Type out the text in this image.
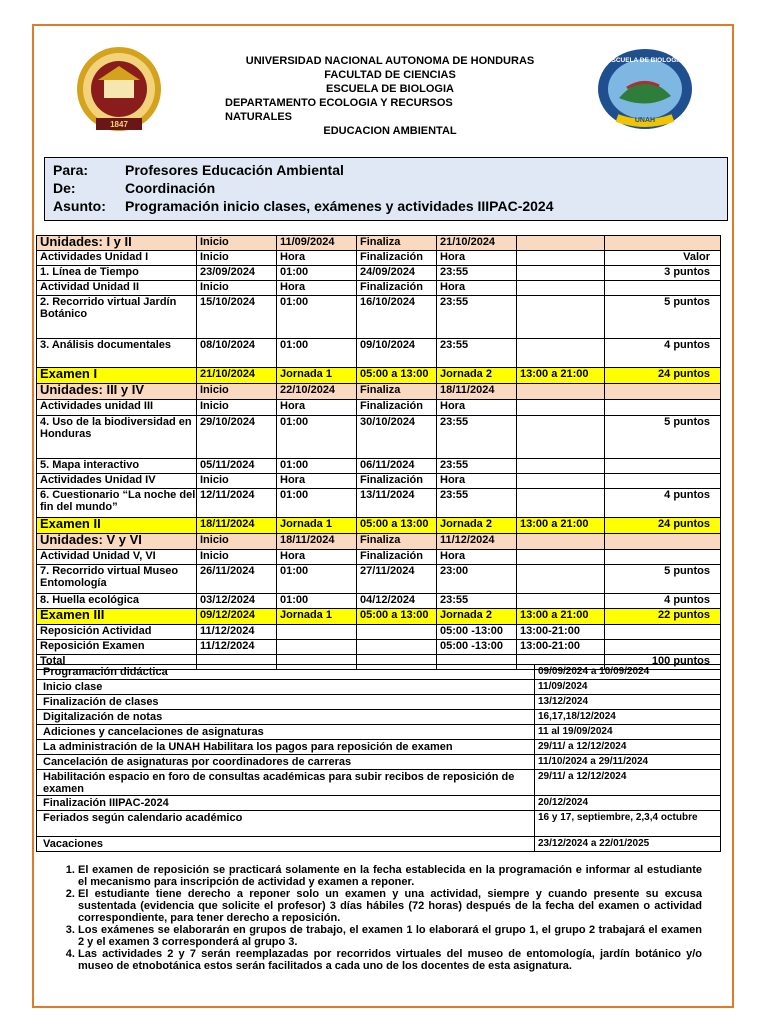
1847	UNAH
ESCUELA DE BIOLOGIA
UNIVERSIDAD NACIONAL AUTONOMA DE HONDURAS
FACULTAD DE CIENCIAS
ESCUELA DE BIOLOGIA
DEPARTAMENTO ECOLOGIA Y RECURSOS
NATURALES
EDUCACION AMBIENTAL
Para:	Profesores Educación Ambiental
De:	Coordinación
Asunto: Programación inicio clases, exámenes y actividades IIIPAC-2024
Unidades: I y II	Inicio	11/09/2024	Finaliza	21/10/2024		
Actividades Unidad I	Inicio	Hora	Finalización	Hora		Valor
1. Línea de Tiempo	23/09/2024	01:00	24/09/2024	23:55		3 puntos
Actividad Unidad II	Inicio	Hora	Finalización	Hora		
2. Recorrido virtual Jardín Botánico	15/10/2024	01:00	16/10/2024	23:55		5 puntos
3. Análisis documentales	08/10/2024	01:00	09/10/2024	23:55		4 puntos
Examen I	21/10/2024	Jornada 1	05:00 a 13:00	Jornada 2	13:00 a 21:00	24 puntos
Unidades: III y IV	Inicio	22/10/2024	Finaliza	18/11/2024		
Actividades unidad III	Inicio	Hora	Finalización	Hora		
4. Uso de la biodiversidad en Honduras	29/10/2024	01:00	30/10/2024	23:55		5 puntos
5. Mapa interactivo	05/11/2024	01:00	06/11/2024	23:55		
Actividades Unidad IV	Inicio	Hora	Finalización	Hora		
6. Cuestionario “La noche del fin del mundo”	12/11/2024	01:00	13/11/2024	23:55		4 puntos
Examen II	18/11/2024	Jornada 1	05:00 a 13:00	Jornada 2	13:00 a 21:00	24 puntos
Unidades: V y VI	Inicio	18/11/2024	Finaliza	11/12/2024		
Actividad Unidad V, VI	Inicio	Hora	Finalización	Hora		
7. Recorrido virtual Museo Entomología	26/11/2024	01:00	27/11/2024	23:00		5 puntos
8. Huella ecológica	03/12/2024	01:00	04/12/2024	23:55		4 puntos
Examen III	09/12/2024	Jornada 1	05:00 a 13:00	Jornada 2	13:00 a 21:00	22 puntos
Reposición Actividad	11/12/2024			05:00 -13:00	13:00-21:00	
Reposición Examen	11/12/2024			05:00 -13:00	13:00-21:00	
Total						100 puntos
Programación didáctica	09/09/2024 a 10/09/2024
Inicio clase	11/09/2024
Finalización de clases	13/12/2024
Digitalización de notas	16,17,18/12/2024
Adiciones y cancelaciones de asignaturas	11 al 19/09/2024
La administración de la UNAH Habilitara los pagos para reposición de examen	29/11/ a 12/12/2024
Cancelación de asignaturas por coordinadores de carreras	11/10/2024 a 29/11/2024
Habilitación espacio en foro de consultas académicas para subir recibos de reposición de examen	29/11/ a 12/12/2024
Finalización IIIPAC-2024	20/12/2024
Feriados según calendario académico	16 y 17, septiembre, 2,3,4 octubre
Vacaciones	23/12/2024 a 22/01/2025
1. El examen de reposición se practicará solamente en la fecha establecida en la programación e informar al estudiante el mecanismo para inscripción de actividad y examen a reponer.
2. El estudiante tiene derecho a reponer solo un examen y una actividad, siempre y cuando presente su excusa sustentada (evidencia que solicite el profesor) 3 días hábiles (72 horas) después de la fecha del examen o actividad correspondiente, para tener derecho a reposición.
3. Los exámenes se elaborarán en grupos de trabajo, el examen 1 lo elaborará el grupo 1, el grupo 2 trabajará el examen 2 y el examen 3 corresponderá al grupo 3.
4. Las actividades 2 y 7 serán reemplazadas por recorridos virtuales del museo de entomología, jardín botánico y/o museo de etnobotánica estos serán facilitados a cada uno de los docentes de esta asignatura.
